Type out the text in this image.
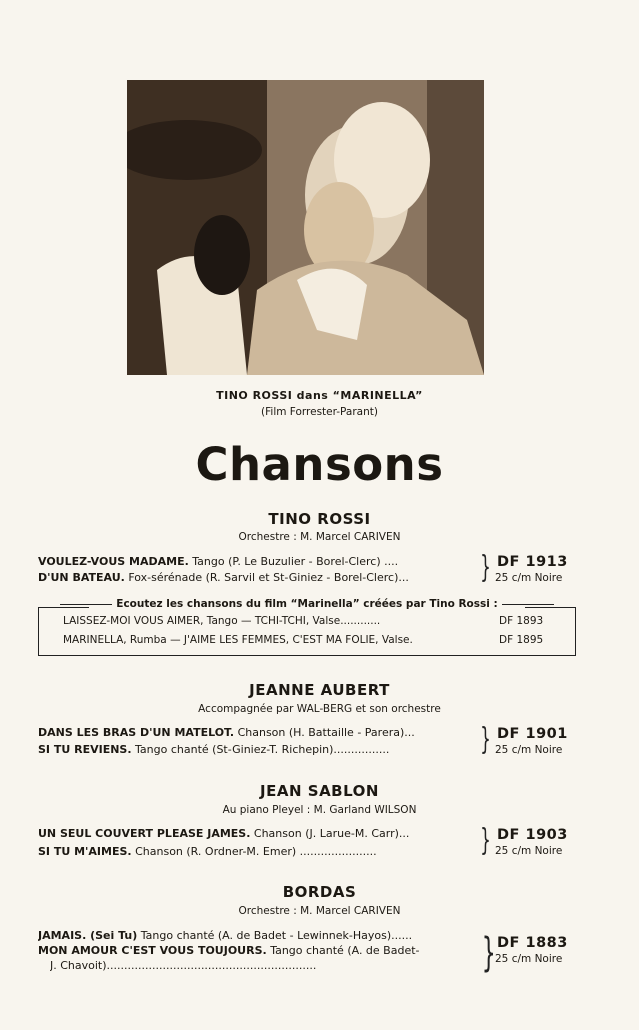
TINO ROSSI dans “MARINELLA”
(Film Forrester-Parant)
Chansons
TINO ROSSI
Orchestre : M. Marcel CARIVEN
VOULEZ-VOUS MADAME. Tango (P. Le Buzulier - Borel-Clerc) ....
D'UN BATEAU. Fox-sérénade (R. Sarvil et St-Giniez - Borel-Clerc)...	} DF 1913
25 c/m Noire
Ecoutez les chansons du film “Marinella” créées par Tino Rossi :
LAISSEZ-MOI VOUS AIMER, Tango — TCHI-TCHI, Valse............	DF 1893
MARINELLA, Rumba — J'AIME LES FEMMES, C'EST MA FOLIE, Valse.	DF 1895
JEANNE AUBERT
Accompagnée par WAL-BERG et son orchestre
DANS LES BRAS D'UN MATELOT. Chanson (H. Battaille - Parera)...
SI TU REVIENS. Tango chanté (St-Giniez-T. Richepin)................	} DF 1901
25 c/m Noire
JEAN SABLON
Au piano Pleyel : M. Garland WILSON
UN SEUL COUVERT PLEASE JAMES. Chanson (J. Larue-M. Carr)...
SI TU M'AIMES. Chanson (R. Ordner-M. Emer) ......................	} DF 1903
25 c/m Noire
BORDAS
Orchestre : M. Marcel CARIVEN
JAMAIS. (Sei Tu) Tango chanté (A. de Badet - Lewinnek-Hayos)......
MON AMOUR C'EST VOUS TOUJOURS. Tango chanté (A. de Badet-
J. Chavoit)............................................................	} DF 1883
25 c/m Noire
